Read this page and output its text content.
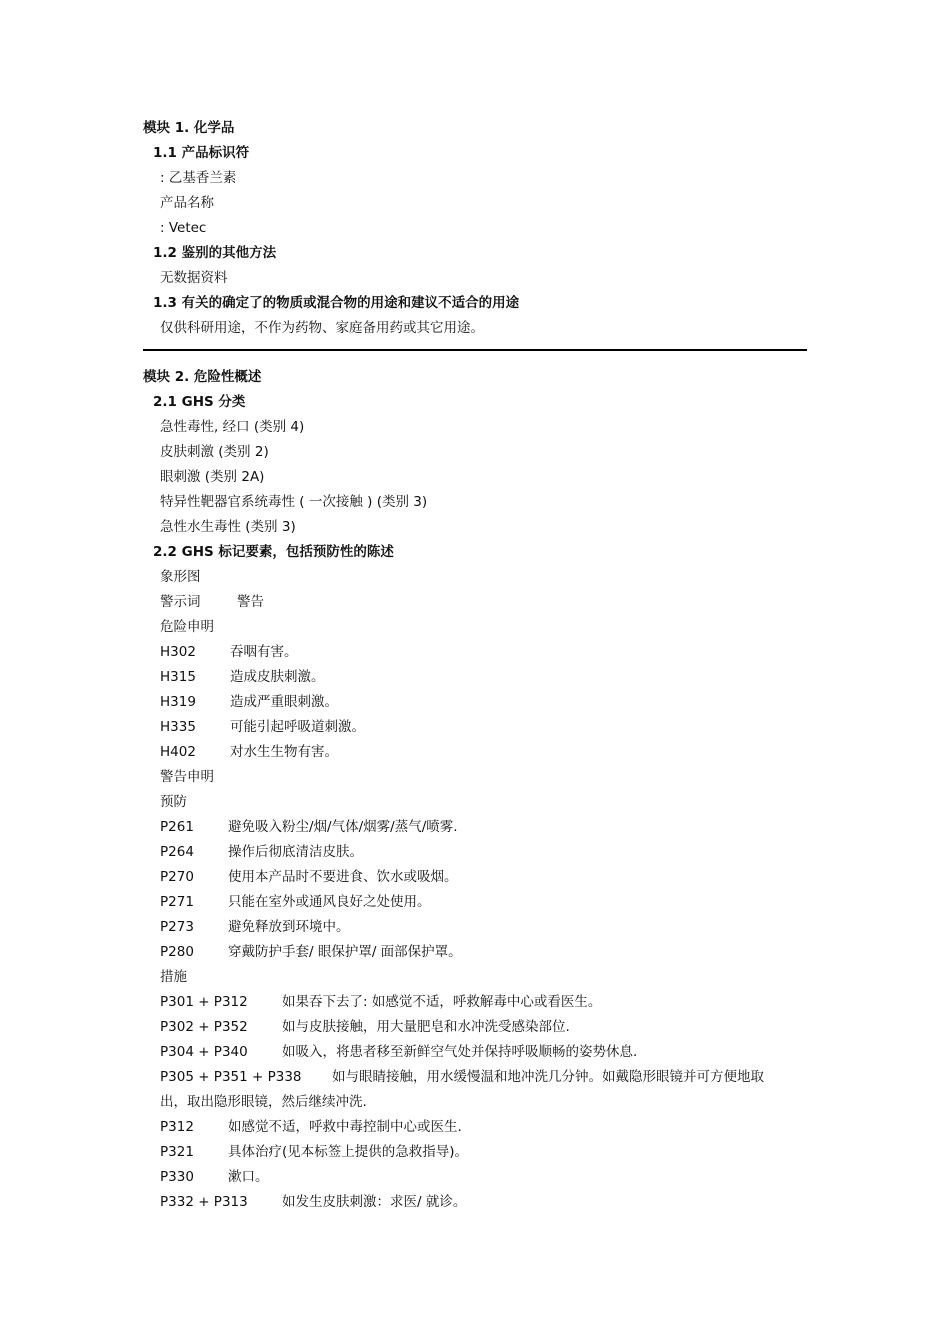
模块 1. 化学品
1.1 产品标识符
: 乙基香兰素
产品名称
: Vetec
1.2 鉴别的其他方法
无数据资料
1.3 有关的确定了的物质或混合物的用途和建议不适合的用途
仅供科研用途，不作为药物、家庭备用药或其它用途。
模块 2. 危险性概述
2.1 GHS 分类
急性毒性, 经口 (类别 4)
皮肤刺激 (类别 2)
眼刺激 (类别 2A)
特异性靶器官系统毒性 ( 一次接触 ) (类别 3)
急性水生毒性 (类别 3)
2.2 GHS 标记要素，包括预防性的陈述
象形图
警示词	警告
危险申明
H302	吞咽有害。
H315	造成皮肤刺激。
H319	造成严重眼刺激。
H335	可能引起呼吸道刺激。
H402	对水生生物有害。
警告申明
预防
P261	避免吸入粉尘/烟/气体/烟雾/蒸气/喷雾.
P264	操作后彻底清洁皮肤。
P270	使用本产品时不要进食、饮水或吸烟。
P271	只能在室外或通风良好之处使用。
P273	避免释放到环境中。
P280	穿戴防护手套/ 眼保护罩/ 面部保护罩。
措施
P301 + P312	如果吞下去了: 如感觉不适，呼救解毒中心或看医生。
P302 + P352	如与皮肤接触，用大量肥皂和水冲洗受感染部位.
P304 + P340	如吸入，将患者移至新鲜空气处并保持呼吸顺畅的姿势休息.
P305 + P351 + P338 如与眼睛接触，用水缓慢温和地冲洗几分钟。如戴隐形眼镜并可方便地取
出，取出隐形眼镜，然后继续冲洗.
P312	如感觉不适，呼救中毒控制中心或医生.
P321	具体治疗(见本标签上提供的急救指导)。
P330	漱口。
P332 + P313	如发生皮肤刺激：求医/ 就诊。
